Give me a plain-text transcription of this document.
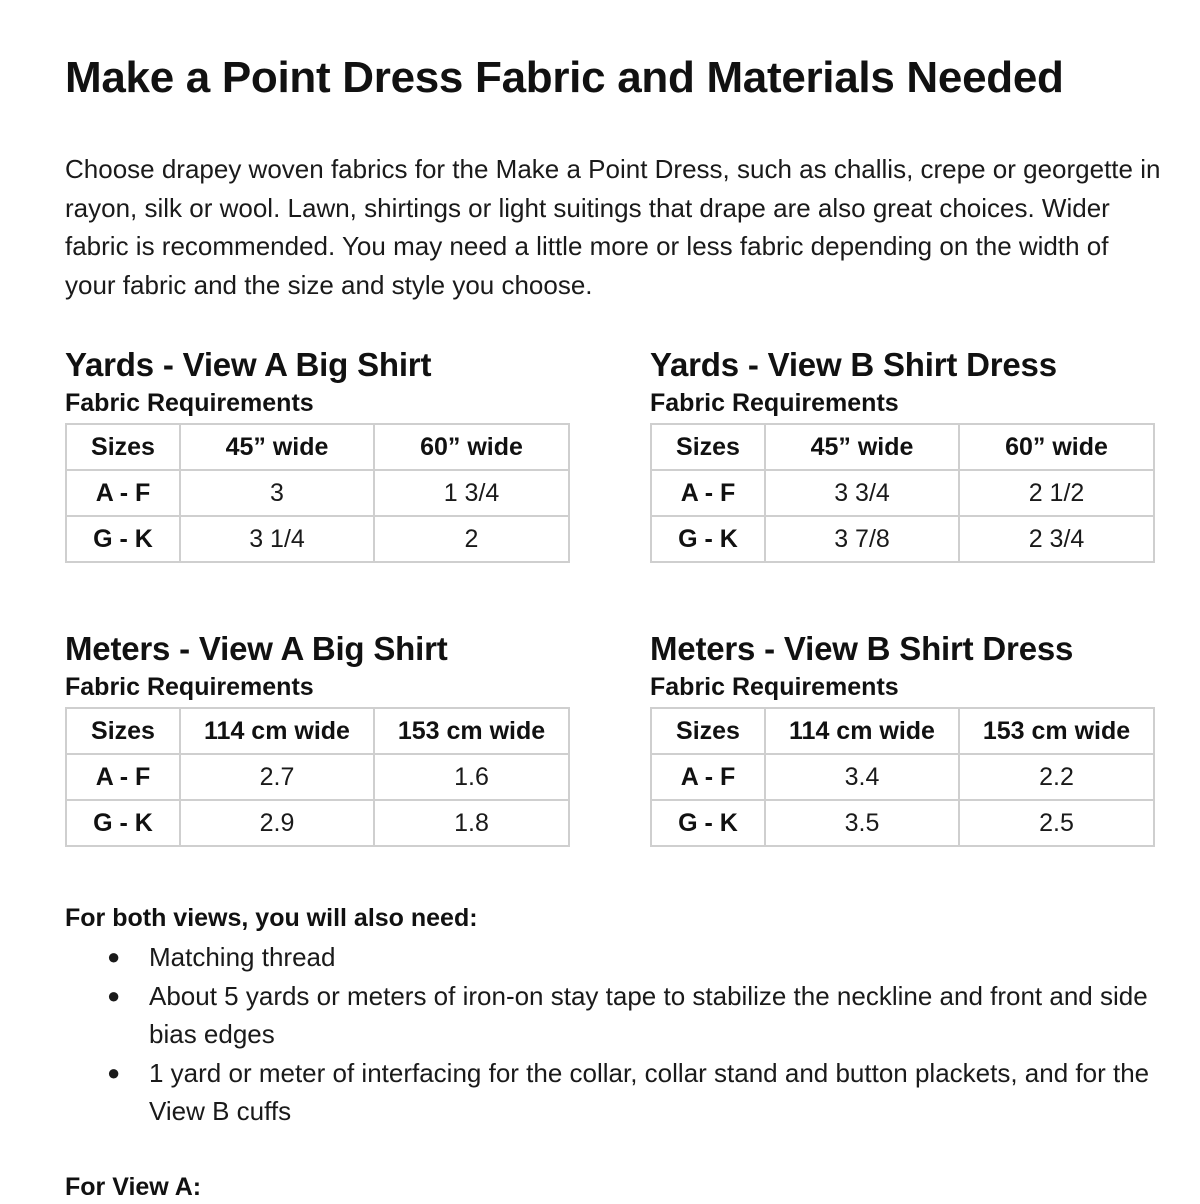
Make a Point Dress Fabric and Materials Needed

Choose drapey woven fabrics for the Make a Point Dress, such as challis, crepe or georgette in rayon, silk or wool. Lawn, shirtings or light suitings that drape are also great choices. Wider fabric is recommended. You may need a little more or less fabric depending on the width of your fabric and the size and style you choose.

Yards - View A Big Shirt

Fabric Requirements

Sizes	45” wide	60” wide
A - F	3	1 3/4
G - K	3 1/4	2
Yards - View B Shirt Dress

Fabric Requirements

Sizes	45” wide	60” wide
A - F	3 3/4	2 1/2
G - K	3 7/8	2 3/4
Meters - View A Big Shirt

Fabric Requirements

Sizes	114 cm wide	153 cm wide
A - F	2.7	1.6
G - K	2.9	1.8
Meters - View B Shirt Dress

Fabric Requirements

Sizes	114 cm wide	153 cm wide
A - F	3.4	2.2
G - K	3.5	2.5

For both views, you will also need:

● Matching thread
● About 5 yards or meters of iron-on stay tape to stabilize the neckline and front and side bias edges
● 1 yard or meter of interfacing for the collar, collar stand and button plackets, and for the View B cuffs

For View A:
